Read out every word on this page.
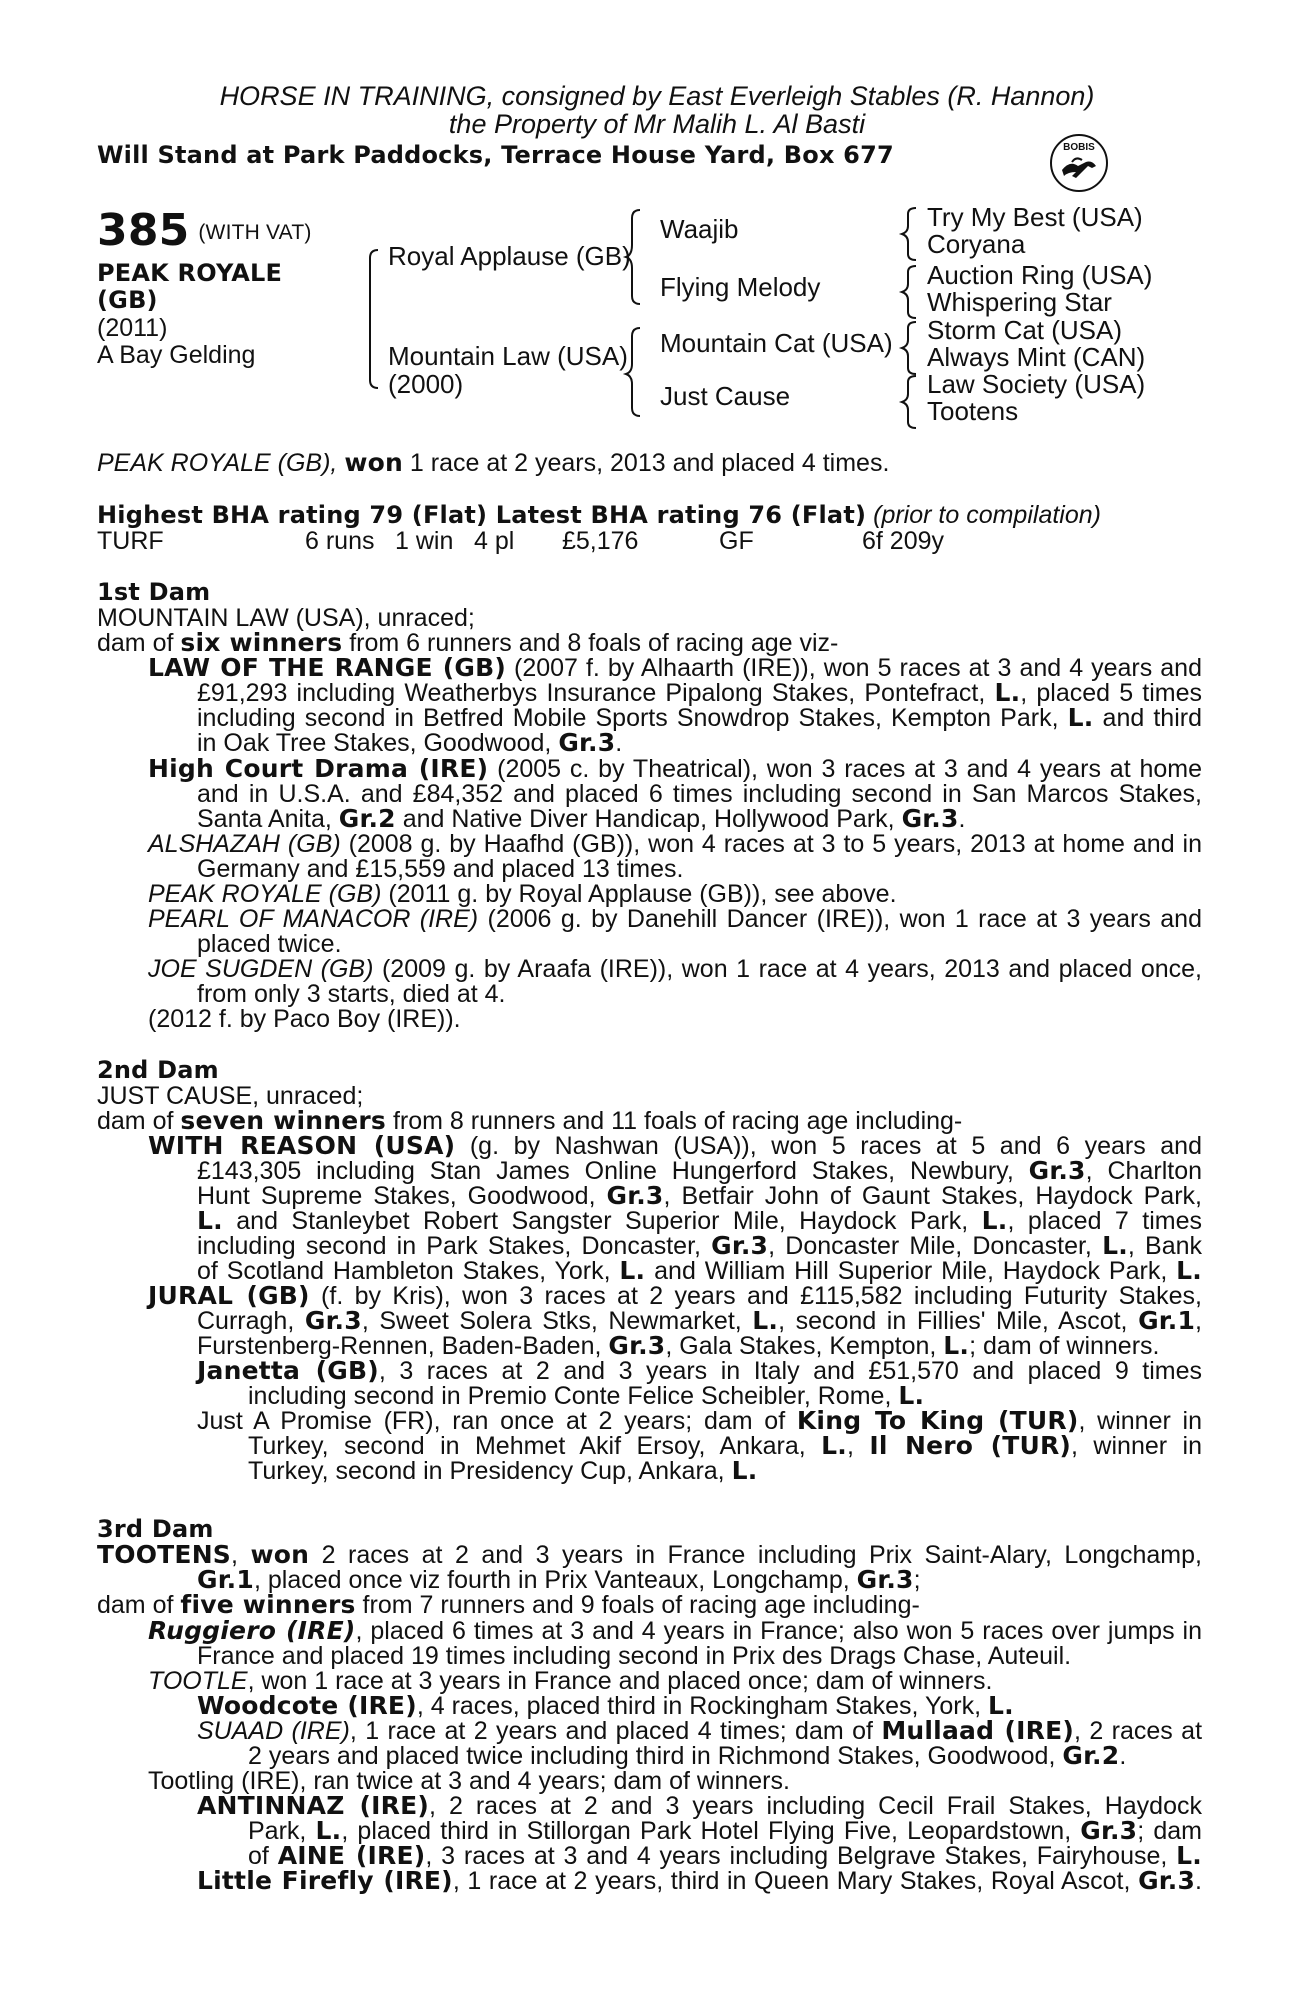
HORSE IN TRAINING, consigned by East Everleigh Stables (R. Hannon)
the Property of Mr Malih L. Al Basti
Will Stand at Park Paddocks, Terrace House Yard, Box 677	BOBIS
385 $^{(WITH VAT)}$
PEAK ROYALE
(GB)
(2011)
A Bay Gelding
Royal Applause (GB)
Mountain Law (USA)
(2000)
Waajib
Flying Melody
Mountain Cat (USA)
Just Cause
Try My Best (USA)
Coryana
Auction Ring (USA)
Whispering Star
Storm Cat (USA)
Always Mint (CAN)
Law Society (USA)
Tootens
PEAK ROYALE (GB), won 1 race at 2 years, 2013 and placed 4 times.
Highest BHA rating 79 (Flat) Latest BHA rating 76 (Flat) (prior to compilation)
TURF	6 runs 1 win 4 pl £5,176	GF	6f 209y
1st Dam
MOUNTAIN LAW (USA), unraced;
dam of six winners from 6 runners and 8 foals of racing age viz-
LAW OF THE RANGE (GB) (2007 f. by Alhaarth (IRE)), won 5 races at 3 and 4 years and
£91,293 including Weatherbys Insurance Pipalong Stakes, Pontefract, L., placed 5 times
including second in Betfred Mobile Sports Snowdrop Stakes, Kempton Park, L. and third
in Oak Tree Stakes, Goodwood, Gr.3.
High Court Drama (IRE) (2005 c. by Theatrical), won 3 races at 3 and 4 years at home
and in U.S.A. and £84,352 and placed 6 times including second in San Marcos Stakes,
Santa Anita, Gr.2 and Native Diver Handicap, Hollywood Park, Gr.3.
ALSHAZAH (GB) (2008 g. by Haafhd (GB)), won 4 races at 3 to 5 years, 2013 at home and in
Germany and £15,559 and placed 13 times.
PEAK ROYALE (GB) (2011 g. by Royal Applause (GB)), see above.
PEARL OF MANACOR (IRE) (2006 g. by Danehill Dancer (IRE)), won 1 race at 3 years and
placed twice.
JOE SUGDEN (GB) (2009 g. by Araafa (IRE)), won 1 race at 4 years, 2013 and placed once,
from only 3 starts, died at 4.
(2012 f. by Paco Boy (IRE)).
2nd Dam
JUST CAUSE, unraced;
dam of seven winners from 8 runners and 11 foals of racing age including-
WITH REASON (USA) (g. by Nashwan (USA)), won 5 races at 5 and 6 years and
£143,305 including Stan James Online Hungerford Stakes, Newbury, Gr.3, Charlton
Hunt Supreme Stakes, Goodwood, Gr.3, Betfair John of Gaunt Stakes, Haydock Park,
L. and Stanleybet Robert Sangster Superior Mile, Haydock Park, L., placed 7 times
including second in Park Stakes, Doncaster, Gr.3, Doncaster Mile, Doncaster, L., Bank
of Scotland Hambleton Stakes, York, L. and William Hill Superior Mile, Haydock Park, L.
JURAL (GB) (f. by Kris), won 3 races at 2 years and £115,582 including Futurity Stakes,
Curragh, Gr.3, Sweet Solera Stks, Newmarket, L., second in Fillies' Mile, Ascot, Gr.1,
Furstenberg-Rennen, Baden-Baden, Gr.3, Gala Stakes, Kempton, L.; dam of winners.
Janetta (GB), 3 races at 2 and 3 years in Italy and £51,570 and placed 9 times
including second in Premio Conte Felice Scheibler, Rome, L.
Just A Promise (FR), ran once at 2 years; dam of King To King (TUR), winner in
Turkey, second in Mehmet Akif Ersoy, Ankara, L., Il Nero (TUR), winner in
Turkey, second in Presidency Cup, Ankara, L.
3rd Dam
TOOTENS, won 2 races at 2 and 3 years in France including Prix Saint-Alary, Longchamp,
Gr.1, placed once viz fourth in Prix Vanteaux, Longchamp, Gr.3;
dam of five winners from 7 runners and 9 foals of racing age including-
Ruggiero (IRE), placed 6 times at 3 and 4 years in France; also won 5 races over jumps in
France and placed 19 times including second in Prix des Drags Chase, Auteuil.
TOOTLE, won 1 race at 3 years in France and placed once; dam of winners.
Woodcote (IRE), 4 races, placed third in Rockingham Stakes, York, L.
SUAAD (IRE), 1 race at 2 years and placed 4 times; dam of Mullaad (IRE), 2 races at
2 years and placed twice including third in Richmond Stakes, Goodwood, Gr.2.
Tootling (IRE), ran twice at 3 and 4 years; dam of winners.
ANTINNAZ (IRE), 2 races at 2 and 3 years including Cecil Frail Stakes, Haydock
Park, L., placed third in Stillorgan Park Hotel Flying Five, Leopardstown, Gr.3; dam
of AINE (IRE), 3 races at 3 and 4 years including Belgrave Stakes, Fairyhouse, L.
Little Firefly (IRE), 1 race at 2 years, third in Queen Mary Stakes, Royal Ascot, Gr.3.
